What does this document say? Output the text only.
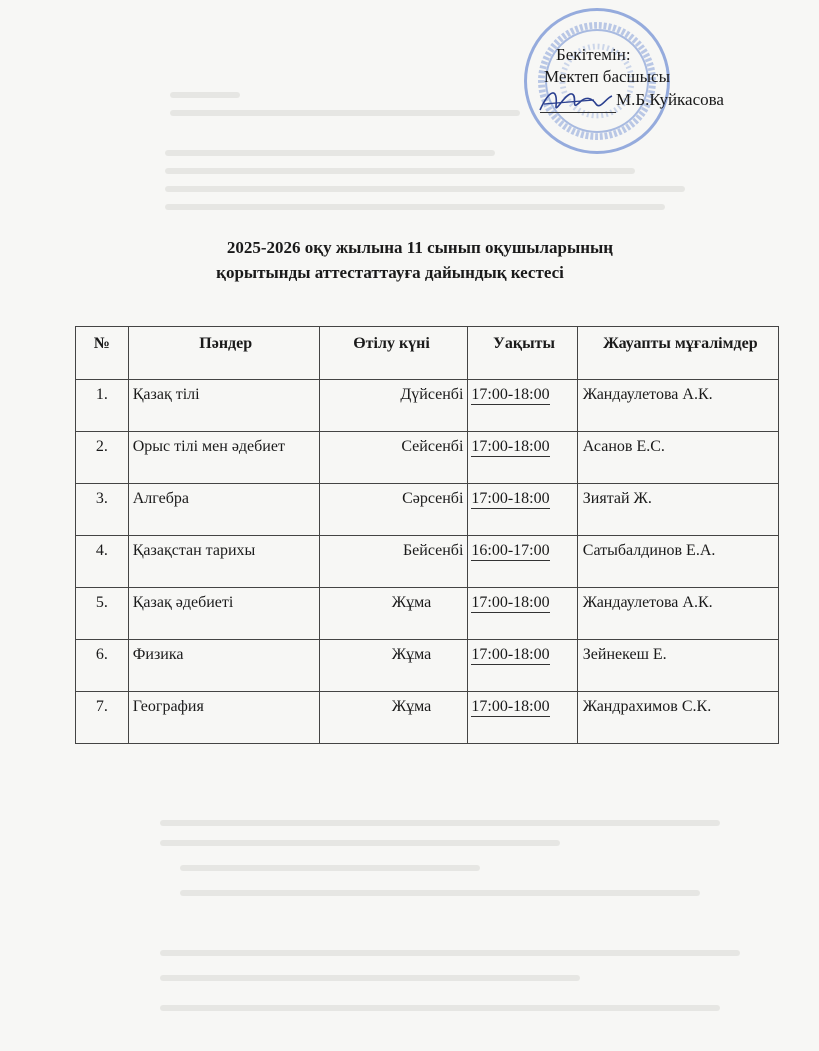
Бекітемін:
Мектеп басшысы
М.Б.Куйкасова
2025-2026 оқу жылына 11 сынып оқушыларының
қорытынды аттестаттауға дайындық кестесі
№	Пәндер	Өтілу күні	Уақыты	Жауапты мұғалімдер
1.	Қазақ тілі	Дүйсенбі	17:00-18:00	Жандаулетова А.К.
2.	Орыс тілі мен әдебиет	Сейсенбі	17:00-18:00	Асанов Е.С.
3.	Алгебра	Сәрсенбі	17:00-18:00	Зиятай Ж.
4.	Қазақстан тарихы	Бейсенбі	16:00-17:00	Сатыбалдинов Е.А.
5.	Қазақ әдебиеті	Жұма	17:00-18:00	Жандаулетова А.К.
6.	Физика	Жұма	17:00-18:00	Зейнекеш Е.
7.	География	Жұма	17:00-18:00	Жандрахимов С.К.
